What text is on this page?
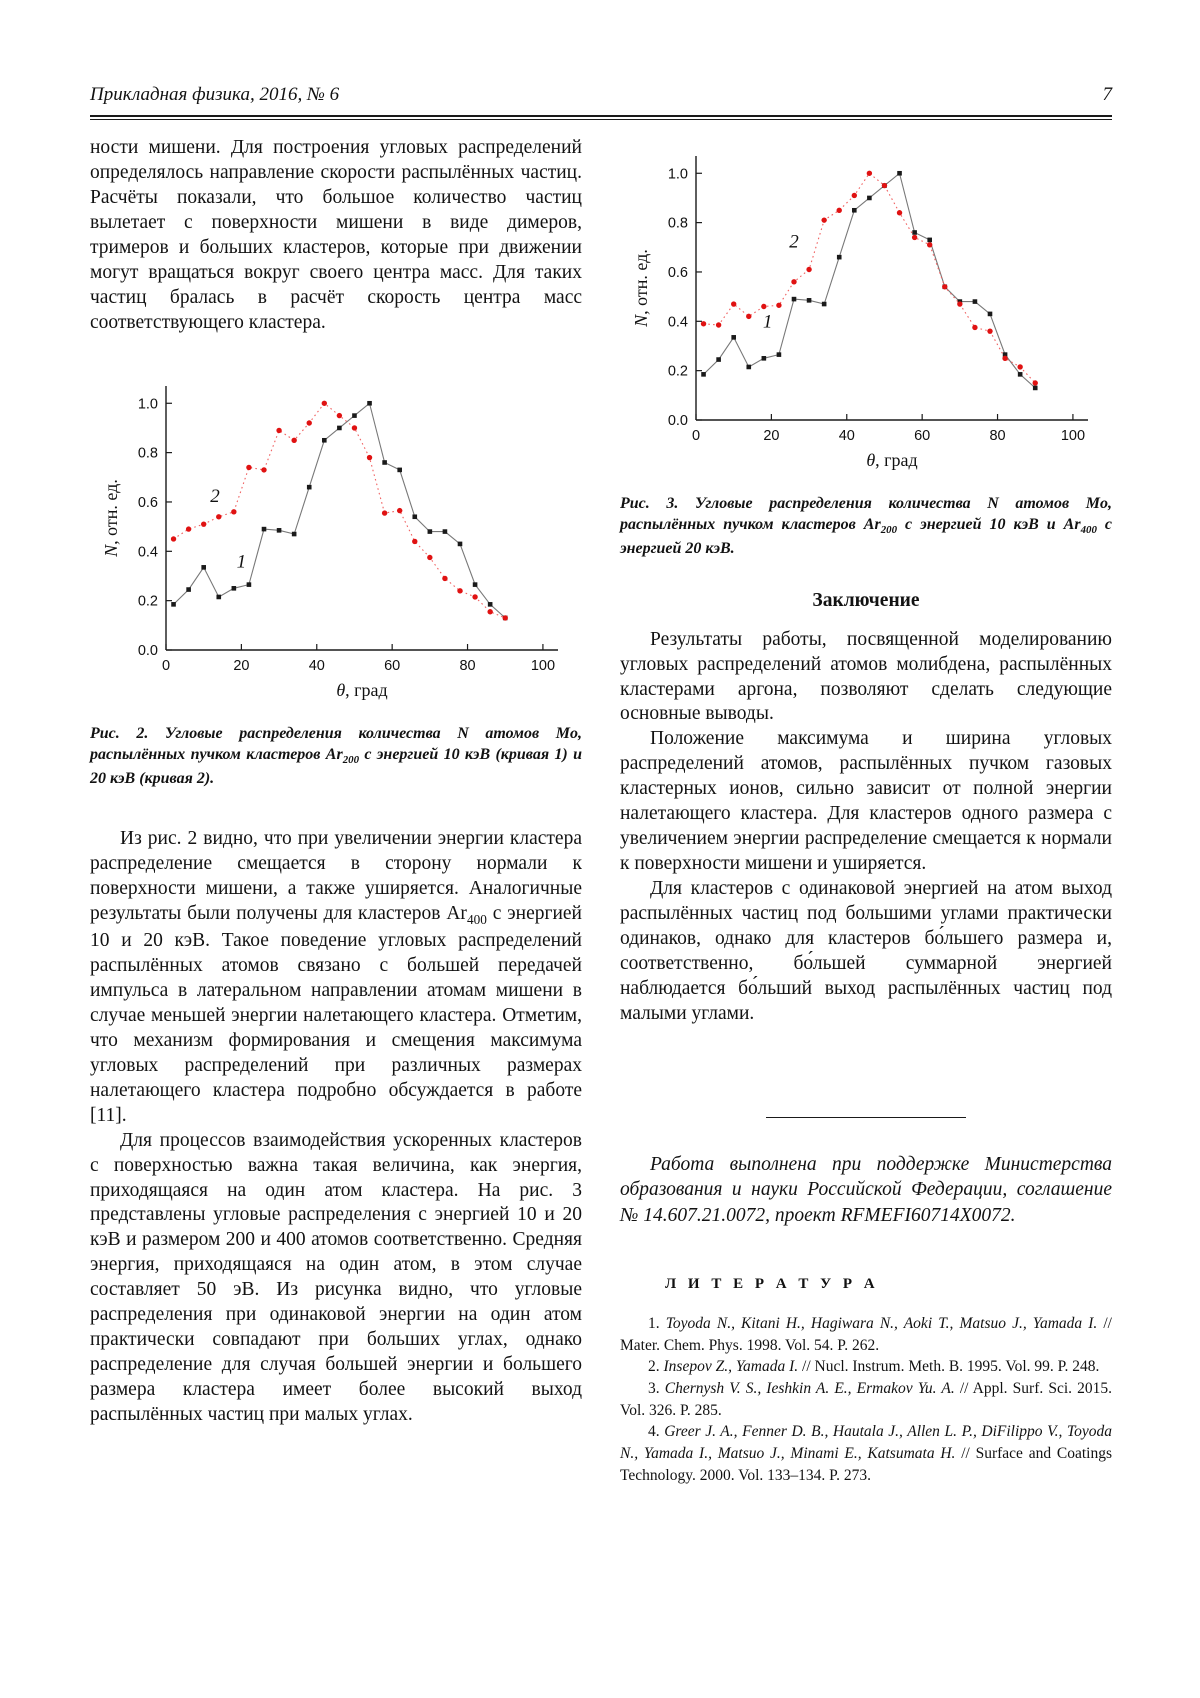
Прикладная физика, 2016, № 6	7

ности мишени. Для построения угловых распределений определялось направление скорости распылённых частиц. Расчёты показали, что большое количество частиц вылетает с поверхности мишени в виде димеров, тримеров и больших кластеров, которые при движении могут вращаться вокруг своего центра масс. Для таких частиц бралась в расчёт скорость центра масс соответствующего кластера.

0	20	40	60	80	100
0.0
0.2
0.4
0.6
0.8
1.0
2
1
θ, град
N, отн. ед.

Рис. 2. Угловые распределения количества N атомов Mo, распылённых пучком кластеров $Ar_{200}$ с энергией 10 кэВ (кривая 1) и 20 кэВ (кривая 2).

Из рис. 2 видно, что при увеличении энергии кластера распределение смещается в сторону нормали к поверхности мишени, а также уширяется. Аналогичные результаты были получены для кластеров $Ar_{400}$ с энергией 10 и 20 кэВ. Такое поведение угловых распределений распылённых атомов связано с большей передачей импульса в латеральном направлении атомам мишени в случае меньшей энергии налетающего кластера. Отметим, что механизм формирования и смещения максимума угловых распределений при различных размерах налетающего кластера подробно обсуждается в работе [11].

Для процессов взаимодействия ускоренных кластеров с поверхностью важна такая величина, как энергия, приходящаяся на один атом кластера. На рис. 3 представлены угловые распределения с энергией 10 и 20 кэВ и размером 200 и 400 атомов соответственно. Средняя энергия, приходящаяся на один атом, в этом случае составляет 50 эВ. Из рисунка видно, что угловые распределения при одинаковой энергии на один атом практически совпадают при больших углах, однако распределение для случая большей энергии и большего размера кластера имеет более высокий выход распылённых частиц при малых углах.

0	20	40	60	80	100
0.0
0.2
0.4
0.6
0.8
1.0
2
1
θ, град
N, отн. ед.

Рис. 3. Угловые распределения количества N атомов Mo, распылённых пучком кластеров $Ar_{200}$ с энергией 10 кэВ и $Ar_{400}$ с энергией 20 кэВ.

Заключение

Результаты работы, посвященной моделированию угловых распределений атомов молибдена, распылённых кластерами аргона, позволяют сделать следующие основные выводы.

Положение максимума и ширина угловых распределений атомов, распылённых пучком газовых кластерных ионов, сильно зависит от полной энергии налетающего кластера. Для кластеров одного размера с увеличением энергии распределение смещается к нормали к поверхности мишени и уширяется.

Для кластеров с одинаковой энергией на атом выход распылённых частиц под большими углами практически одинаков, однако для кластеров бо́льшего размера и, соответственно, бо́льшей суммарной энергией наблюдается бо́льший выход распылённых частиц под малыми углами.

Работа выполнена при поддержке Министерства образования и науки Российской Федерации, соглашение № 14.607.21.0072, проект RFMEFI60714X0072.

Л И Т Е Р А Т У Р А

1. Toyoda N., Kitani H., Hagiwara N., Aoki T., Matsuo J., Yamada I. // Mater. Chem. Phys. 1998. Vol. 54. P. 262.

2. Insepov Z., Yamada I. // Nucl. Instrum. Meth. B. 1995. Vol. 99. P. 248.

3. Chernysh V. S., Ieshkin A. E., Ermakov Yu. A. // Appl. Surf. Sci. 2015. Vol. 326. P. 285.

4. Greer J. A., Fenner D. B., Hautala J., Allen L. P., DiFilippo V., Toyoda N., Yamada I., Matsuo J., Minami E., Katsumata H. // Surface and Coatings Technology. 2000. Vol. 133–134. P. 273.
